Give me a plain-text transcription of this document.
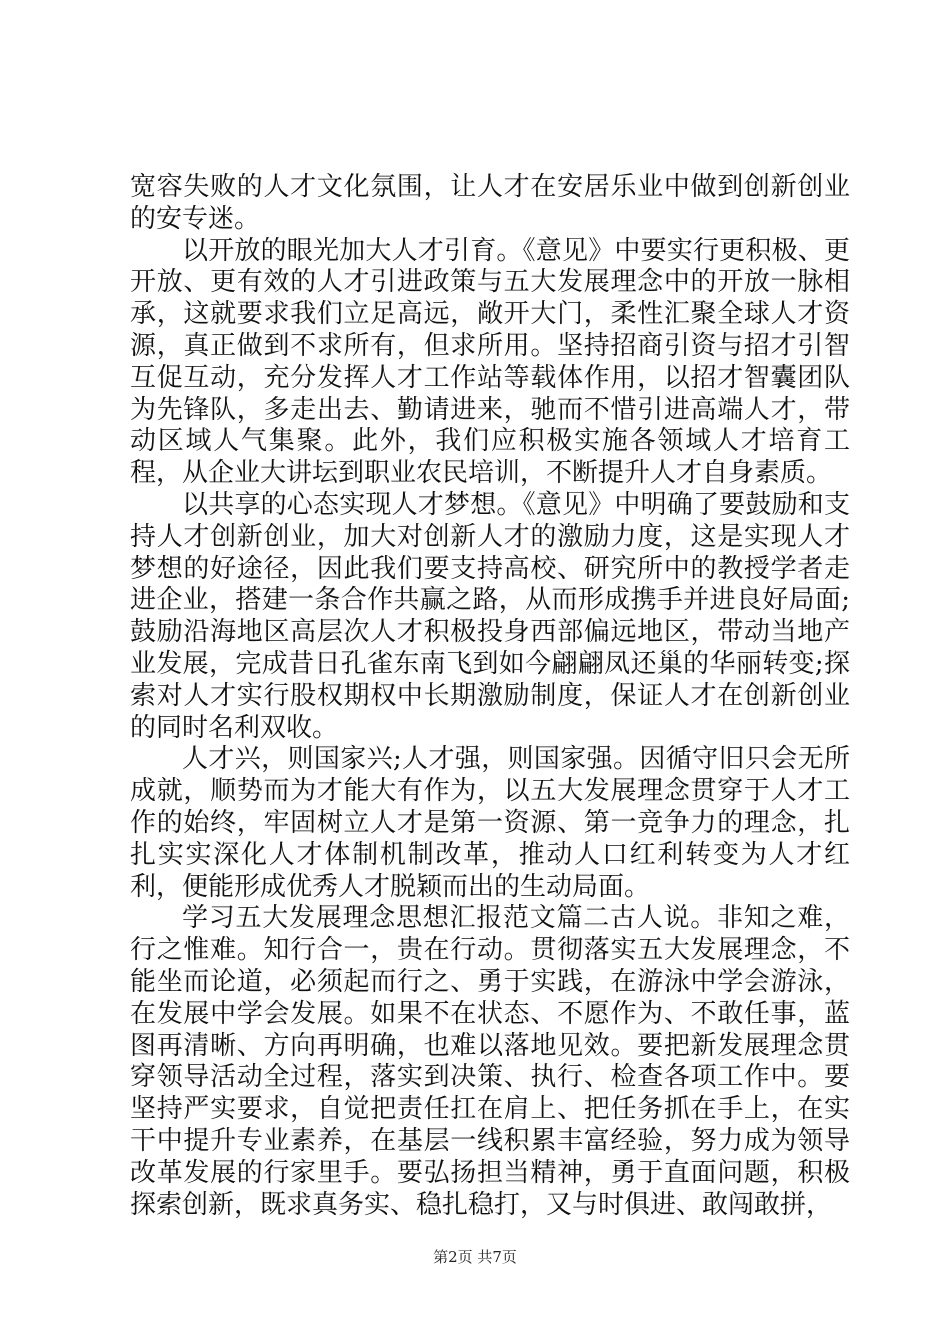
宽容失败的人才文化氛围，让人才在安居乐业中做到创新创业的安专迷。

以开放的眼光加大人才引育。《意见》中要实行更积极、更开放、更有效的人才引进政策与五大发展理念中的开放一脉相承，这就要求我们立足高远，敞开大门，柔性汇聚全球人才资源，真正做到不求所有，但求所用。坚持招商引资与招才引智互促互动，充分发挥人才工作站等载体作用，以招才智囊团队为先锋队，多走出去、勤请进来，驰而不惜引进高端人才，带动区域人气集聚。此外，我们应积极实施各领域人才培育工程，从企业大讲坛到职业农民培训，不断提升人才自身素质。

以共享的心态实现人才梦想。《意见》中明确了要鼓励和支持人才创新创业，加大对创新人才的激励力度，这是实现人才梦想的好途径，因此我们要支持高校、研究所中的教授学者走进企业，搭建一条合作共赢之路，从而形成携手并进良好局面;鼓励沿海地区高层次人才积极投身西部偏远地区，带动当地产业发展，完成昔日孔雀东南飞到如今翩翩凤还巢的华丽转变;探索对人才实行股权期权中长期激励制度，保证人才在创新创业的同时名利双收。

人才兴，则国家兴;人才强，则国家强。因循守旧只会无所成就，顺势而为才能大有作为，以五大发展理念贯穿于人才工作的始终，牢固树立人才是第一资源、第一竞争力的理念，扎扎实实深化人才体制机制改革，推动人口红利转变为人才红利，便能形成优秀人才脱颖而出的生动局面。

学习五大发展理念思想汇报范文篇二古人说。非知之难，行之惟难。知行合一，贵在行动。贯彻落实五大发展理念，不能坐而论道，必须起而行之、勇于实践，在游泳中学会游泳，在发展中学会发展。如果不在状态、不愿作为、不敢任事，蓝图再清晰、方向再明确，也难以落地见效。要把新发展理念贯穿领导活动全过程，落实到决策、执行、检查各项工作中。要坚持严实要求，自觉把责任扛在肩上、把任务抓在手上，在实干中提升专业素养，在基层一线积累丰富经验，努力成为领导改革发展的行家里手。要弘扬担当精神，勇于直面问题，积极探索创新，既求真务实、稳扎稳打，又与时俱进、敢闯敢拼，

第2页 共7页
